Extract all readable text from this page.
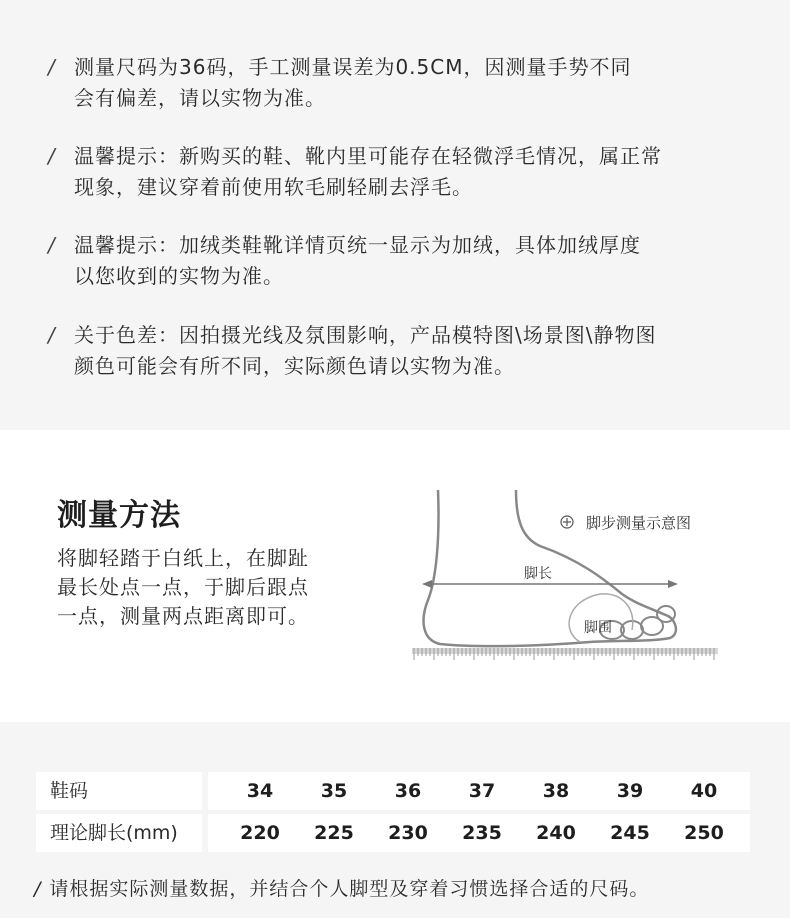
/ 测量尺码为36码，手工测量误差为0.5CM，因测量手势不同
会有偏差，请以实物为准。
/ 温馨提示：新购买的鞋、靴内里可能存在轻微浮毛情况，属正常
现象，建议穿着前使用软毛刷轻刷去浮毛。
/ 温馨提示：加绒类鞋靴详情页统一显示为加绒，具体加绒厚度
以您收到的实物为准。
/ 关于色差：因拍摄光线及氛围影响，产品模特图\场景图\静物图
颜色可能会有所不同，实际颜色请以实物为准。
测量方法
将脚轻踏于白纸上，在脚趾
最长处点一点，于脚后跟点
一点，测量两点距离即可。
脚长
脚围
脚步测量示意图
鞋码	34	35	36	37	38	39	40
理论脚长(mm)	220	225	230	235	240	245	250
/ 请根据实际测量数据，并结合个人脚型及穿着习惯选择合适的尺码。
